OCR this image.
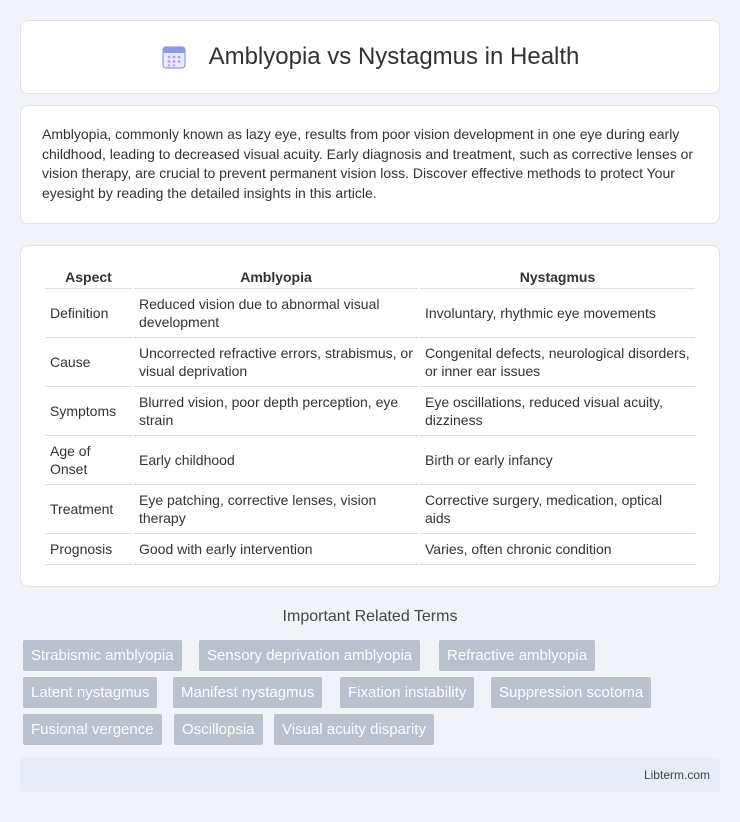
Amblyopia vs Nystagmus in Health

Amblyopia, commonly known as lazy eye, results from poor vision development in one eye during early childhood, leading to decreased visual acuity. Early diagnosis and treatment, such as corrective lenses or vision therapy, are crucial to prevent permanent vision loss. Discover effective methods to protect Your eyesight by reading the detailed insights in this article.

Aspect	Amblyopia	Nystagmus
Definition	Reduced vision due to abnormal visual development	Involuntary, rhythmic eye movements
Cause	Uncorrected refractive errors, strabismus, or visual deprivation	Congenital defects, neurological disorders, or inner ear issues
Symptoms	Blurred vision, poor depth perception, eye strain	Eye oscillations, reduced visual acuity, dizziness
Age of Onset	Early childhood	Birth or early infancy
Treatment	Eye patching, corrective lenses, vision therapy	Corrective surgery, medication, optical aids
Prognosis	Good with early intervention	Varies, often chronic condition
Important Related Terms
Strabismic amblyopia	Sensory deprivation amblyopia	Refractive amblyopia
Latent nystagmus	Manifest nystagmus	Fixation instability	Suppression scotoma
Fusional vergence	Oscillopsia	Visual acuity disparity
Libterm.com
